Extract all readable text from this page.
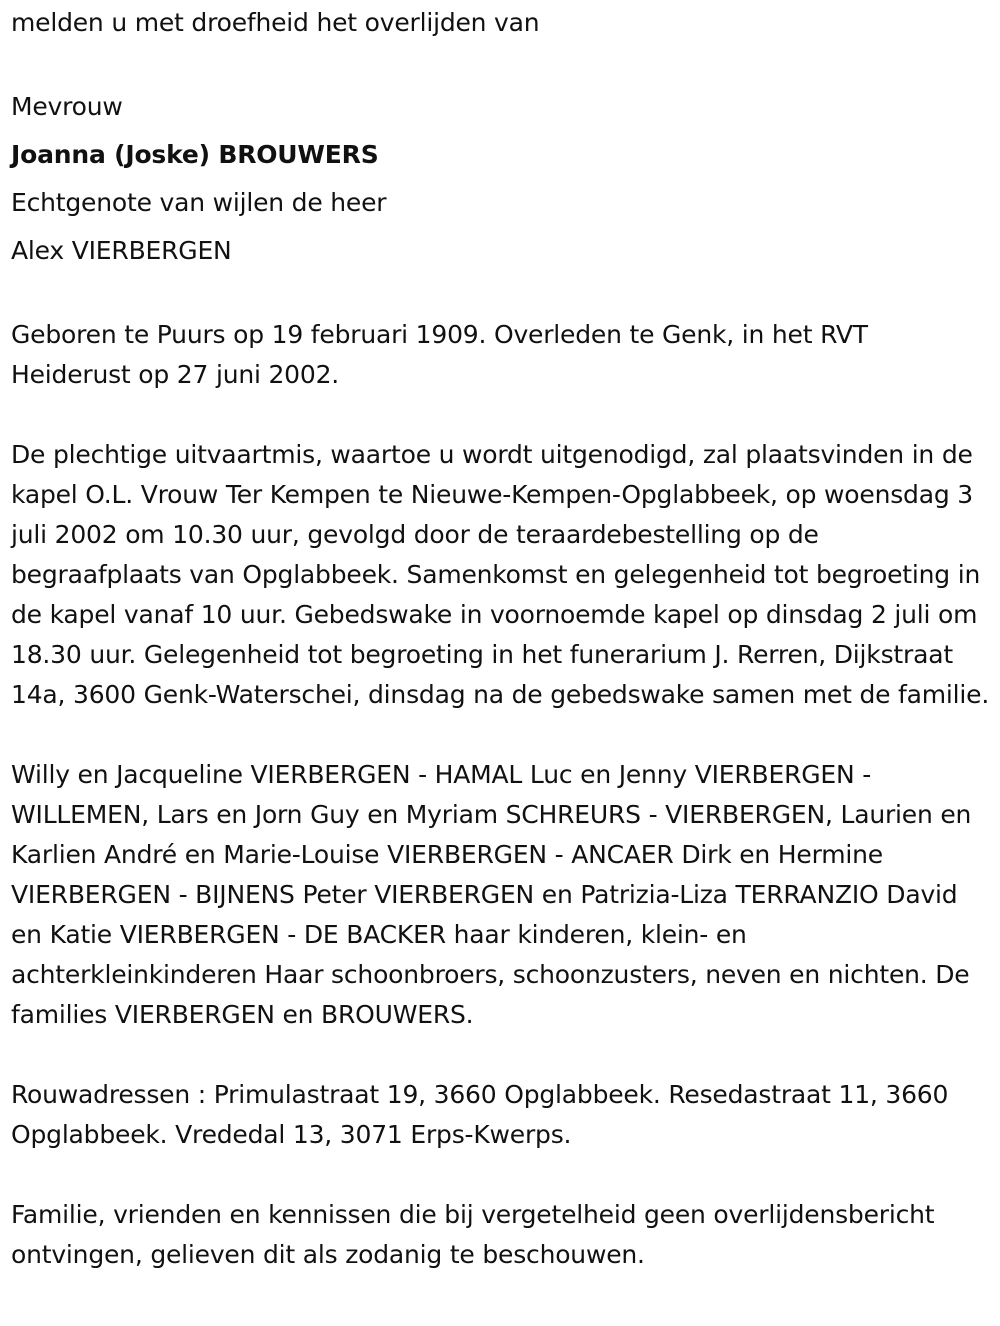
melden u met droefheid het overlijden van

Mevrouw

Joanna (Joske) BROUWERS

Echtgenote van wijlen de heer

Alex VIERBERGEN

Geboren te Puurs op 19 februari 1909. Overleden te Genk, in het RVT Heiderust op 27 juni 2002.

De plechtige uitvaartmis, waartoe u wordt uitgenodigd, zal plaatsvinden in de kapel O.L. Vrouw Ter Kempen te Nieuwe-Kempen-Opglabbeek, op woensdag 3 juli 2002 om 10.30 uur, gevolgd door de teraardebestelling op de begraafplaats van Opglabbeek. Samenkomst en gelegenheid tot begroeting in de kapel vanaf 10 uur. Gebedswake in voornoemde kapel op dinsdag 2 juli om 18.30 uur. Gelegenheid tot begroeting in het funerarium J. Rerren, Dijkstraat 14a, 3600 Genk-Waterschei, dinsdag na de gebedswake samen met de familie.

Willy en Jacqueline VIERBERGEN - HAMAL Luc en Jenny VIERBERGEN - WILLEMEN, Lars en Jorn Guy en Myriam SCHREURS - VIERBERGEN, Laurien en Karlien André en Marie-Louise VIERBERGEN - ANCAER Dirk en Hermine VIERBERGEN - BIJNENS Peter VIERBERGEN en Patrizia-Liza TERRANZIO David en Katie VIERBERGEN - DE BACKER haar kinderen, klein- en achterkleinkinderen Haar schoonbroers, schoonzusters, neven en nichten. De families VIERBERGEN en BROUWERS.

Rouwadressen : Primulastraat 19, 3660 Opglabbeek. Resedastraat 11, 3660 Opglabbeek. Vrededal 13, 3071 Erps-Kwerps.

Familie, vrienden en kennissen die bij vergetelheid geen overlijdensbericht ontvingen, gelieven dit als zodanig te beschouwen.
